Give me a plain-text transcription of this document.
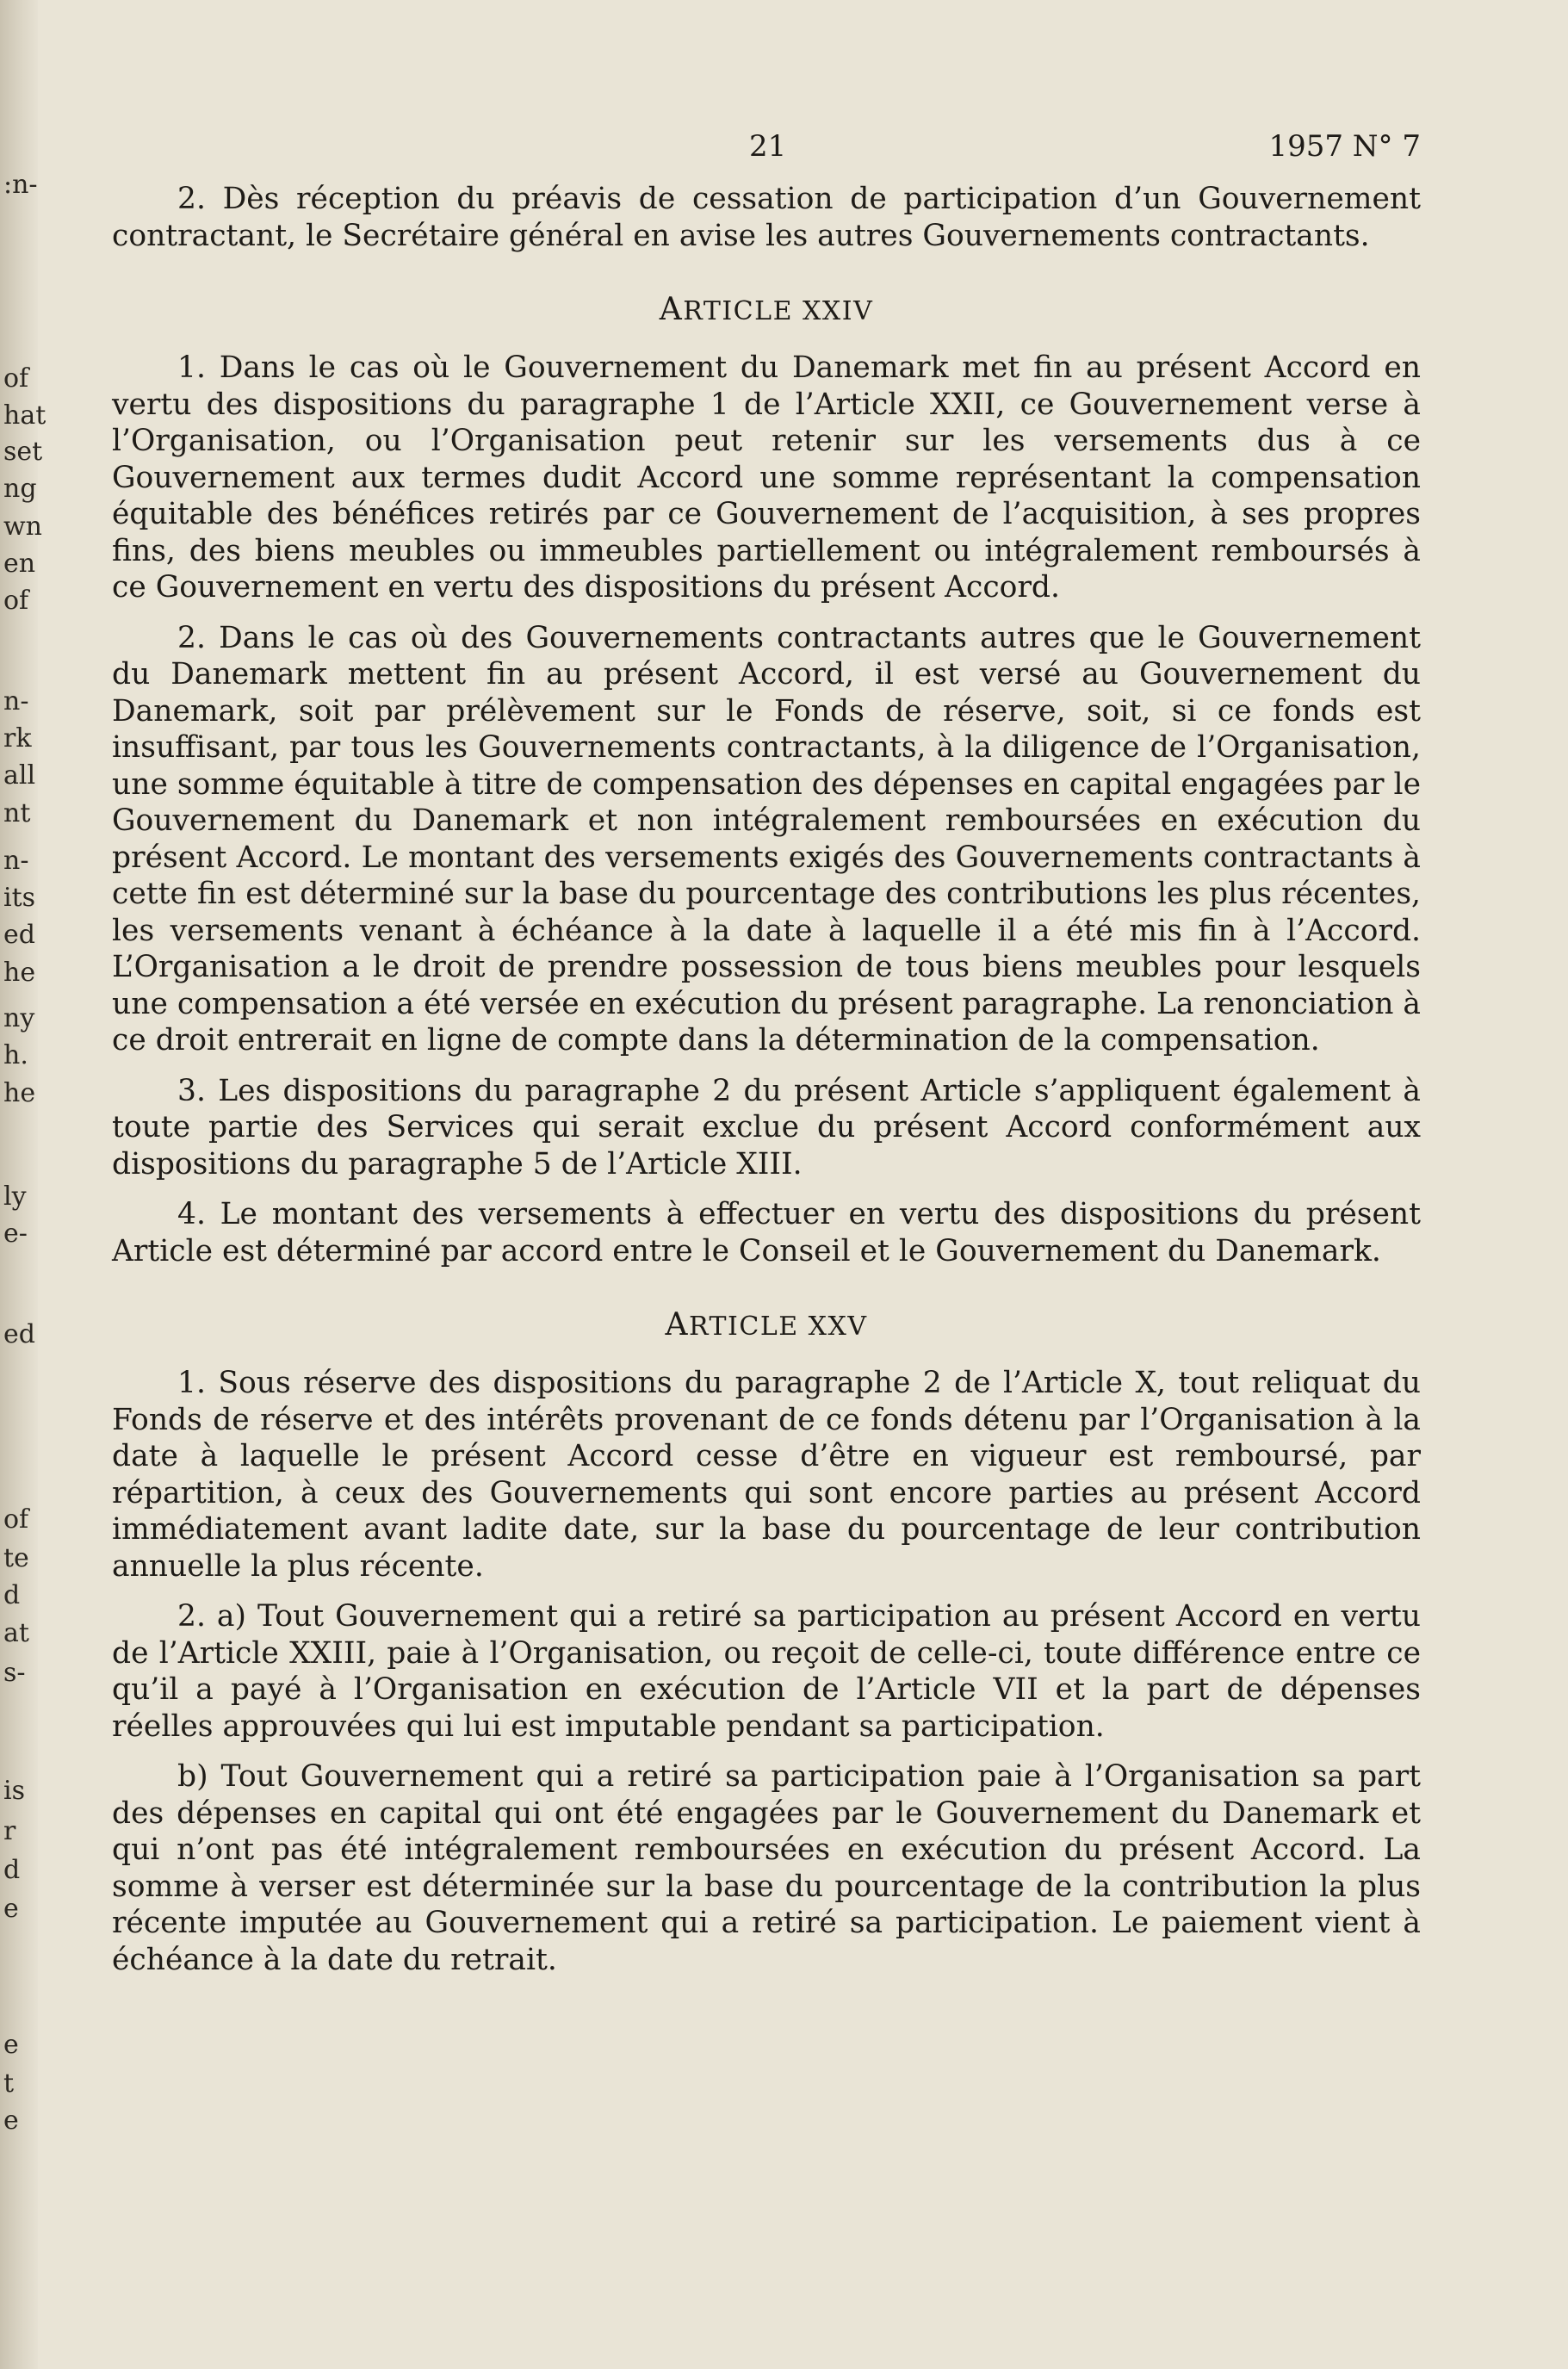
:n-
of
hat
set
ng
wn
en
of
n-
rk
all
nt
n-
its
ed
he
ny
h.
he
ly
e-
ed
of
te
d
at
s-
is
r
d
e
e
t
e
21	1957 N° 7

2. Dès réception du préavis de cessation de participation d’un Gouvernement contractant, le Secrétaire général en avise les autres Gouvernements contractants.

ARTICLE XXIV

1. Dans le cas où le Gouvernement du Danemark met fin au présent Accord en vertu des dispositions du paragraphe 1 de l’Article XXII, ce Gouvernement verse à l’Organisation, ou l’Organisation peut retenir sur les versements dus à ce Gouvernement aux termes dudit Accord une somme représentant la compensation équitable des bénéfices retirés par ce Gouvernement de l’acquisition, à ses propres fins, des biens meubles ou immeubles partiellement ou intégralement remboursés à ce Gouvernement en vertu des dispositions du présent Accord.

2. Dans le cas où des Gouvernements contractants autres que le Gouvernement du Danemark mettent fin au présent Accord, il est versé au Gouvernement du Danemark, soit par prélèvement sur le Fonds de réserve, soit, si ce fonds est insuffisant, par tous les Gouvernements contractants, à la diligence de l’Organisation, une somme équitable à titre de compensation des dépenses en capital engagées par le Gouvernement du Danemark et non intégralement remboursées en exécution du présent Accord. Le montant des versements exigés des Gouvernements contractants à cette fin est déterminé sur la base du pourcentage des contributions les plus récentes, les versements venant à échéance à la date à laquelle il a été mis fin à l’Accord. L’Organisation a le droit de prendre possession de tous biens meubles pour lesquels une compensation a été versée en exécution du présent paragraphe. La renonciation à ce droit entrerait en ligne de compte dans la détermination de la compensation.

3. Les dispositions du paragraphe 2 du présent Article s’appliquent également à toute partie des Services qui serait exclue du présent Accord conformément aux dispositions du paragraphe 5 de l’Article XIII.

4. Le montant des versements à effectuer en vertu des dispositions du présent Article est déterminé par accord entre le Conseil et le Gouvernement du Danemark.

ARTICLE XXV

1. Sous réserve des dispositions du paragraphe 2 de l’Article X, tout reliquat du Fonds de réserve et des intérêts provenant de ce fonds détenu par l’Organisation à la date à laquelle le présent Accord cesse d’être en vigueur est remboursé, par répartition, à ceux des Gouvernements qui sont encore parties au présent Accord immédiatement avant ladite date, sur la base du pourcentage de leur contribution annuelle la plus récente.

2. a) Tout Gouvernement qui a retiré sa participation au présent Accord en vertu de l’Article XXIII, paie à l’Organisation, ou reçoit de celle-ci, toute différence entre ce qu’il a payé à l’Organisation en exécution de l’Article VII et la part de dépenses réelles approuvées qui lui est imputable pendant sa participation.

b) Tout Gouvernement qui a retiré sa participation paie à l’Organisation sa part des dépenses en capital qui ont été engagées par le Gouvernement du Danemark et qui n’ont pas été intégralement remboursées en exécution du présent Accord. La somme à verser est déterminée sur la base du pourcentage de la contribution la plus récente imputée au Gouvernement qui a retiré sa participation. Le paiement vient à échéance à la date du retrait.
